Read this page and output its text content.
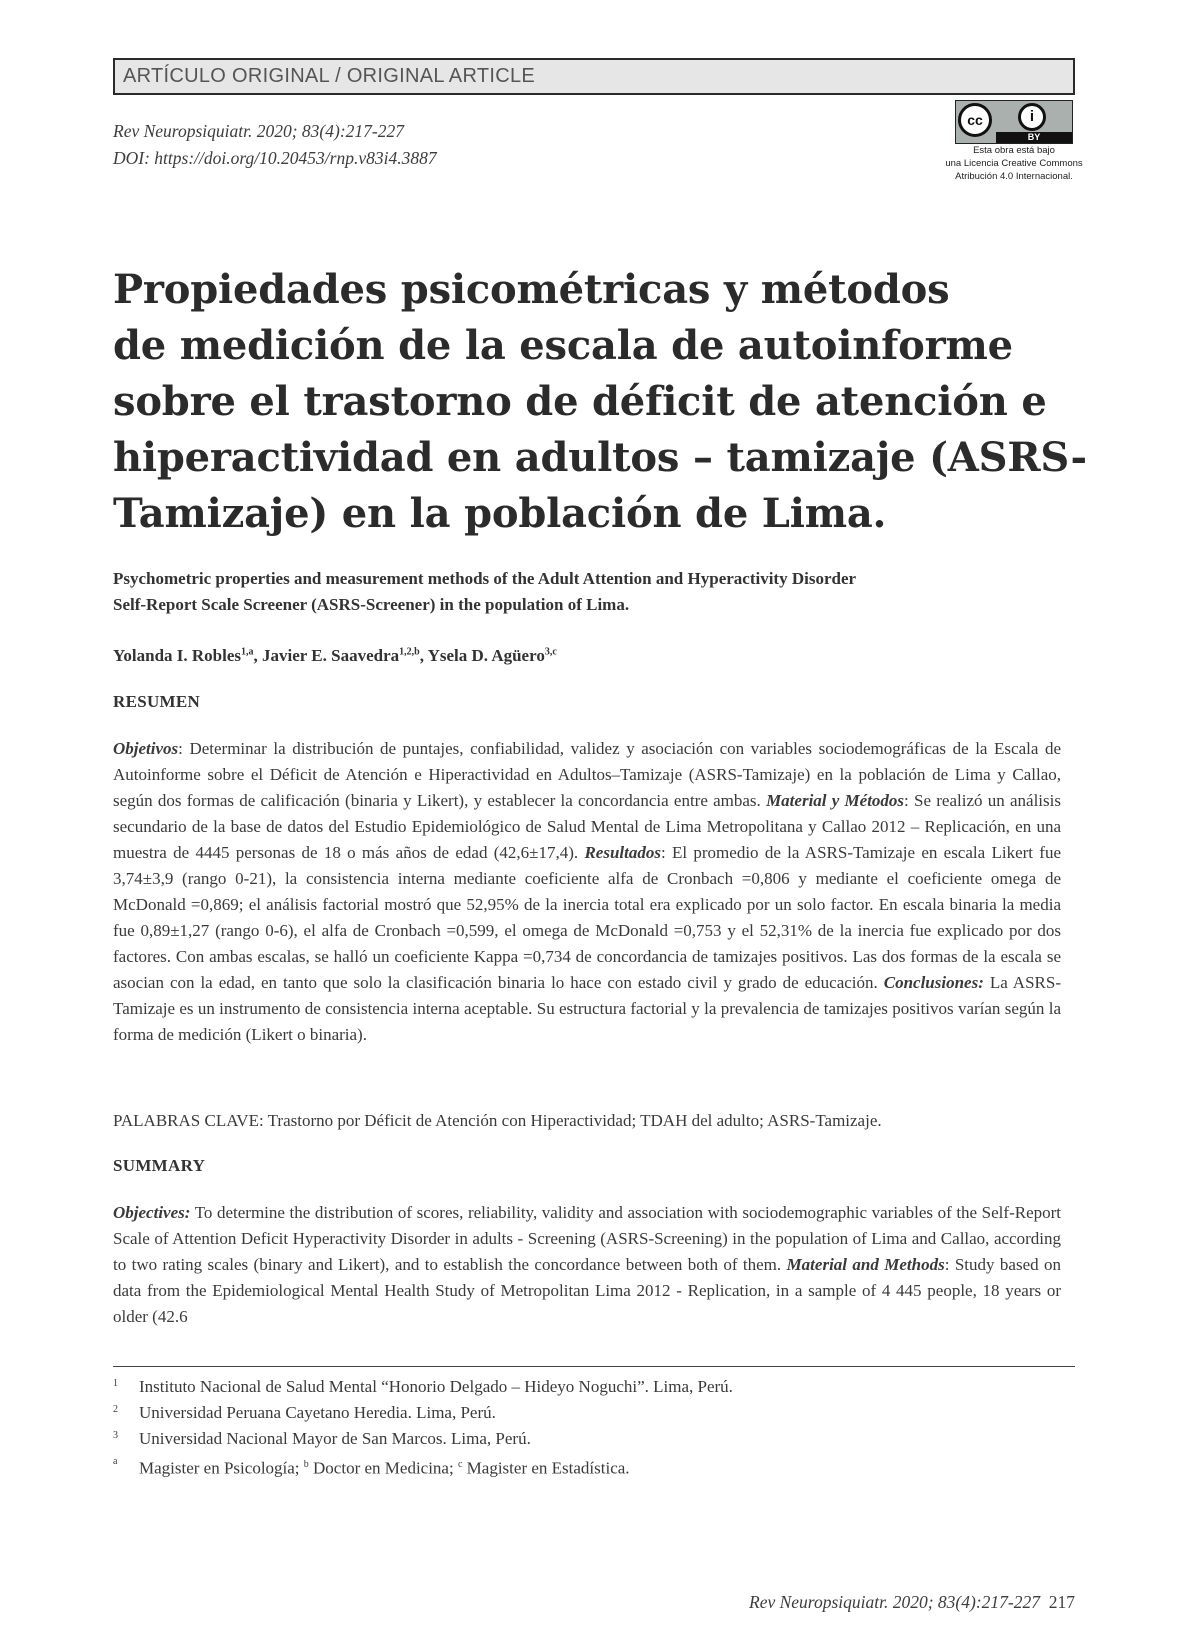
ARTÍCULO ORIGINAL / ORIGINAL ARTICLE
Rev Neuropsiquiatr. 2020; 83(4):217-227
DOI: https://doi.org/10.20453/rnp.v83i4.3887
cc	i
BY
Esta obra está bajo
una Licencia Creative Commons
Atribución 4.0 Internacional.
Propiedades psicométricas y métodos
de medición de la escala de autoinforme
sobre el trastorno de déficit de atención e
hiperactividad en adultos – tamizaje (ASRS-
Tamizaje) en la población de Lima.
Psychometric properties and measurement methods of the Adult Attention and Hyperactivity Disorder
Self-Report Scale Screener (ASRS-Screener) in the population of Lima.
Yolanda I. Robles$^{1,a}$, Javier E. Saavedra$^{1,2,b}$, Ysela D. Agüero$^{3,c}$
RESUMEN
Objetivos: Determinar la distribución de puntajes, confiabilidad, validez y asociación con variables sociodemográficas de la Escala de Autoinforme sobre el Déficit de Atención e Hiperactividad en Adultos–Tamizaje (ASRS-Tamizaje) en la población de Lima y Callao, según dos formas de calificación (binaria y Likert), y establecer la concordancia entre ambas. Material y Métodos: Se realizó un análisis secundario de la base de datos del Estudio Epidemiológico de Salud Mental de Lima Metropolitana y Callao 2012 – Replicación, en una muestra de 4445 personas de 18 o más años de edad (42,6±17,4). Resultados: El promedio de la ASRS-Tamizaje en escala Likert fue 3,74±3,9 (rango 0-21), la consistencia interna mediante coeficiente alfa de Cronbach =0,806 y mediante el coeficiente omega de McDonald =0,869; el análisis factorial mostró que 52,95% de la inercia total era explicado por un solo factor. En escala binaria la media fue 0,89±1,27 (rango 0-6), el alfa de Cronbach =0,599, el omega de McDonald =0,753 y el 52,31% de la inercia fue explicado por dos factores. Con ambas escalas, se halló un coeficiente Kappa =0,734 de concordancia de tamizajes positivos. Las dos formas de la escala se asocian con la edad, en tanto que solo la clasificación binaria lo hace con estado civil y grado de educación. Conclusiones: La ASRS-Tamizaje es un instrumento de consistencia interna aceptable. Su estructura factorial y la prevalencia de tamizajes positivos varían según la forma de medición (Likert o binaria).
PALABRAS CLAVE: Trastorno por Déficit de Atención con Hiperactividad; TDAH del adulto; ASRS-Tamizaje.
SUMMARY
Objectives: To determine the distribution of scores, reliability, validity and association with sociodemographic variables of the Self-Report Scale of Attention Deficit Hyperactivity Disorder in adults - Screening (ASRS-Screening) in the population of Lima and Callao, according to two rating scales (binary and Likert), and to establish the concordance between both of them. Material and Methods: Study based on data from the Epidemiological Mental Health Study of Metropolitan Lima 2012 - Replication, in a sample of 4 445 people, 18 years or older (42.6
1 Instituto Nacional de Salud Mental “Honorio Delgado – Hideyo Noguchi”. Lima, Perú.
2 Universidad Peruana Cayetano Heredia. Lima, Perú.
3 Universidad Nacional Mayor de San Marcos. Lima, Perú.
a Magister en Psicología; $^b$ Doctor en Medicina; $^c$ Magister en Estadística.
Rev Neuropsiquiatr. 2020; 83(4):217-227 217
